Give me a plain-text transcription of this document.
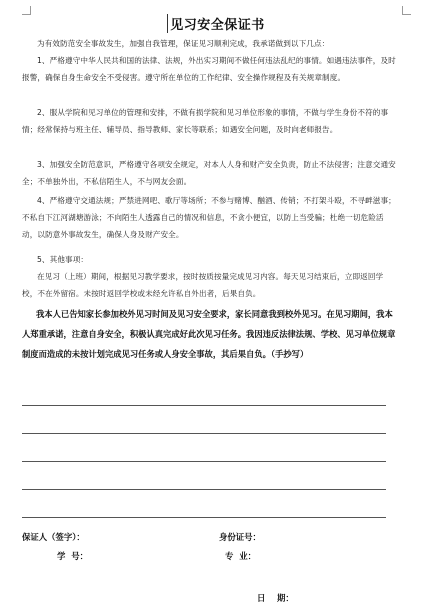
见习安全保证书
为有效防范安全事故发生，加强自我管理，保证见习顺利完成，我承诺做到以下几点：
1、严格遵守中华人民共和国的法律、法规，外出实习期间不做任何违法乱纪的事情。如遇违法事件，及时报警，确保自身生命安全不受侵害。遵守所在单位的工作纪律、安全操作规程及有关规章制度。
2、服从学院和见习单位的管理和安排，不做有损学院和见习单位形象的事情，不做与学生身份不符的事情；经常保持与班主任、辅导员、指导教师、家长等联系；如遇安全问题，及时向老师报告。
3、加强安全防范意识，严格遵守各项安全规定，对本人人身和财产安全负责，防止不法侵害；注意交通安全；不单独外出，不私信陌生人，不与网友会面。
4、严格遵守交通法规；严禁进网吧、歌厅等场所；不参与赌博、酗酒、传销；不打架斗殴，不寻衅滋事；不私自下江河湖塘游泳；不向陌生人透露自己的情况和信息，不贪小便宜，以防上当受骗；杜绝一切危险活动，以防意外事故发生，确保人身及财产安全。
5、其他事项：
在见习（上班）期间，根据见习教学要求，按时按质按量完成见习内容。每天见习结束后，立即返回学校，不在外留宿。未按时返回学校或未经允许私自外出者，后果自负。
我本人已告知家长参加校外见习时间及见习安全要求，家长同意我到校外见习。在见习期间，我本人郑重承诺，注意自身安全，积极认真完成好此次见习任务。我因违反法律法规、学校、见习单位规章制度而造成的未按计划完成见习任务或人身安全事故，其后果自负。（手抄写）
保证人（签字）：	身份证号：
学  号：	专  业：
日    期：
